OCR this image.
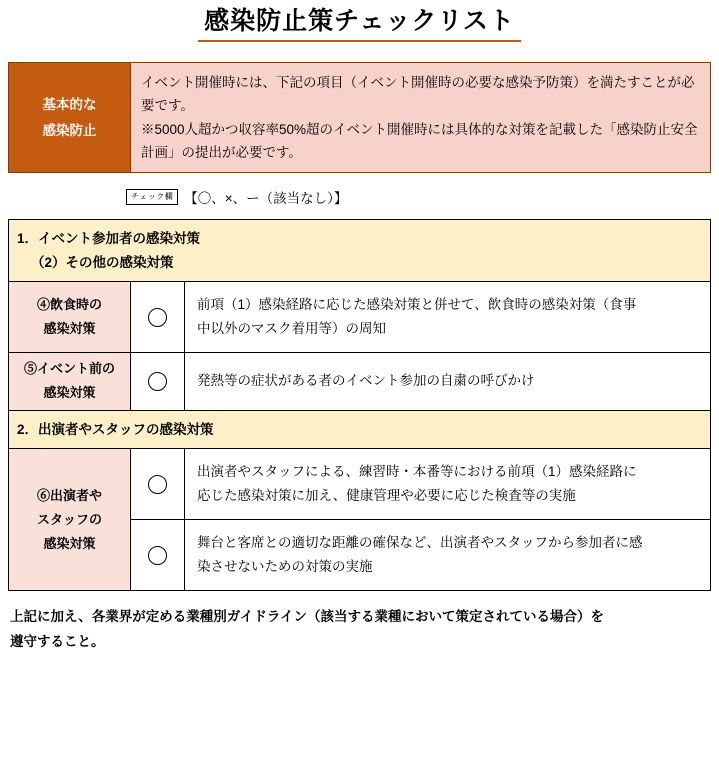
感染防止策チェックリスト
基本的な
感染防止

イベント開催時には、下記の項目（イベント開催時の必要な感染予防策）を満たすことが必要です。

※5000人超かつ収容率50%超のイベント開催時には具体的な対策を記載した「感染防止安全計画」の提出が必要です。

チェック欄 【〇、×、ー（該当なし）】
1．イベント参加者の感染対策
（2）その他の感染対策
④飲食時の
感染対策
前項（1）感染経路に応じた感染対策と併せて、飲食時の感染対策（食事
中以外のマスク着用等）の周知
⑤イベント前の
感染対策
発熱等の症状がある者のイベント参加の自粛の呼びかけ
2．出演者やスタッフの感染対策
⑥出演者や
スタッフの
感染対策
出演者やスタッフによる、練習時・本番等における前項（1）感染経路に
応じた感染対策に加え、健康管理や必要に応じた検査等の実施
舞台と客席との適切な距離の確保など、出演者やスタッフから参加者に感
染させないための対策の実施

上記に加え、各業界が定める業種別ガイドライン（該当する業種において策定されている場合）を

遵守すること。
